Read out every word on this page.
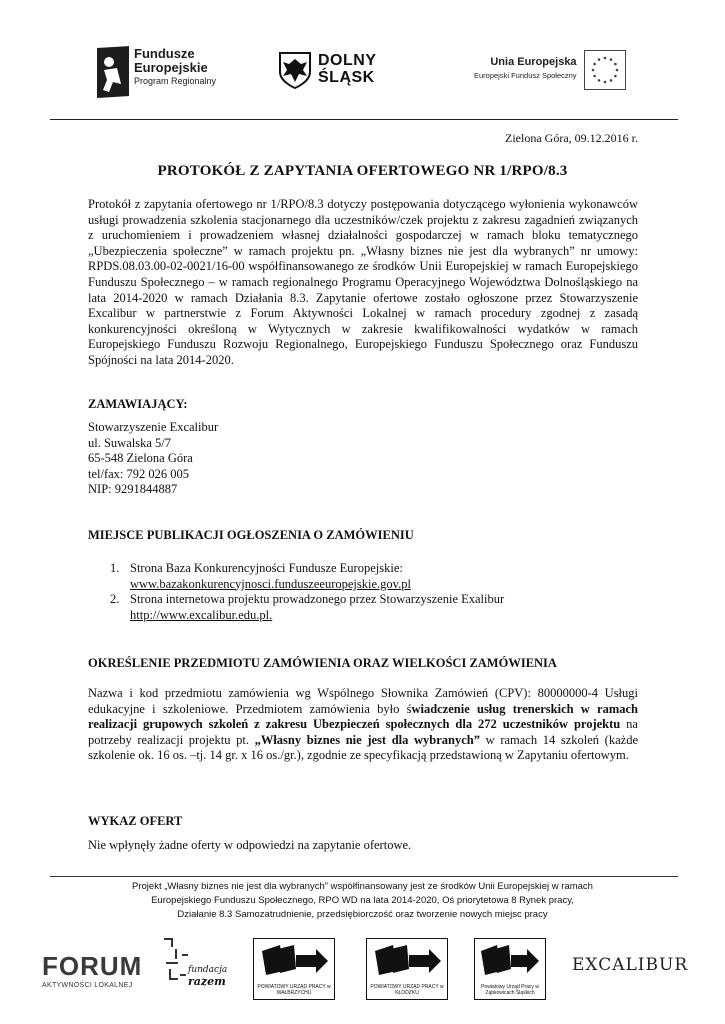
Fundusze
Europejskie
Program Regionalny
DOLNY
ŚLĄSK
Unia Europejska
Europejski Fundusz Społeczny
Zielona Góra, 09.12.2016 r.
PROTOKÓŁ Z ZAPYTANIA OFERTOWEGO NR 1/RPO/8.3
Protokół z zapytania ofertowego nr 1/RPO/8.3 dotyczy postępowania dotyczącego wyłonienia wykonawców usługi prowadzenia szkolenia stacjonarnego dla uczestników/czek projektu z zakresu zagadnień związanych z uruchomieniem i prowadzeniem własnej działalności gospodarczej w ramach bloku tematycznego „Ubezpieczenia społeczne” w ramach projektu pn. „Własny biznes nie jest dla wybranych” nr umowy: RPDS.08.03.00-02-0021/16-00 współfinansowanego ze środków Unii Europejskiej w ramach Europejskiego Funduszu Społecznego – w ramach regionalnego Programu Operacyjnego Województwa Dolnośląskiego na lata 2014-2020 w ramach Działania 8.3. Zapytanie ofertowe zostało ogłoszone przez Stowarzyszenie Excalibur w partnerstwie z Forum Aktywności Lokalnej w ramach procedury zgodnej z zasadą konkurencyjności określoną w Wytycznych w zakresie kwalifikowalności wydatków w ramach Europejskiego Funduszu Rozwoju Regionalnego, Europejskiego Funduszu Społecznego oraz Funduszu Spójności na lata 2014-2020.
ZAMAWIAJĄCY:
Stowarzyszenie Excalibur
ul. Suwalska 5/7
65-548 Zielona Góra
tel/fax: 792 026 005
NIP: 9291844887
MIEJSCE PUBLIKACJI OGŁOSZENIA O ZAMÓWIENIU
1. Strona Baza Konkurencyjności Fundusze Europejskie:
www.bazakonkurencyjnosci.funduszeeuropejskie.gov.pl
2. Strona internetowa projektu prowadzonego przez Stowarzyszenie Exalibur
http://www.excalibur.edu.pl.
OKREŚLENIE PRZEDMIOTU ZAMÓWIENIA ORAZ WIELKOŚCI ZAMÓWIENIA
Nazwa i kod przedmiotu zamówienia wg Wspólnego Słownika Zamówień (CPV): 80000000-4 Usługi edukacyjne i szkoleniowe. Przedmiotem zamówienia było świadczenie usług trenerskich w ramach realizacji grupowych szkoleń z zakresu Ubezpieczeń społecznych dla 272 uczestników projektu na potrzeby realizacji projektu pt. „Własny biznes nie jest dla wybranych” w ramach 14 szkoleń (każde szkolenie ok. 16 os. –tj. 14 gr. x 16 os./gr.), zgodnie ze specyfikacją przedstawioną w Zapytaniu ofertowym.
WYKAZ OFERT
Nie wpłynęły żadne oferty w odpowiedzi na zapytanie ofertowe.
Projekt „Własny biznes nie jest dla wybranych” współfinansowany jest ze środków Unii Europejskiej w ramach
Europejskiego Funduszu Społecznego, RPO WD na lata 2014-2020, Oś priorytetowa 8 Rynek pracy,
Działanie 8.3 Samozatrudnienie, przedsiębiorczość oraz tworzenie nowych miejsc pracy
FORUM
AKTYWNOŚCI LOKALNEJ
fundacja
razem	POWIATOWY URZĄD PRACY w WAŁBRZYCHU
POWIATOWY URZĄD PRACY w KŁODZKU
Powiatowy Urząd Pracy w Ząbkowicach Śląskich
EXCALIBUR
